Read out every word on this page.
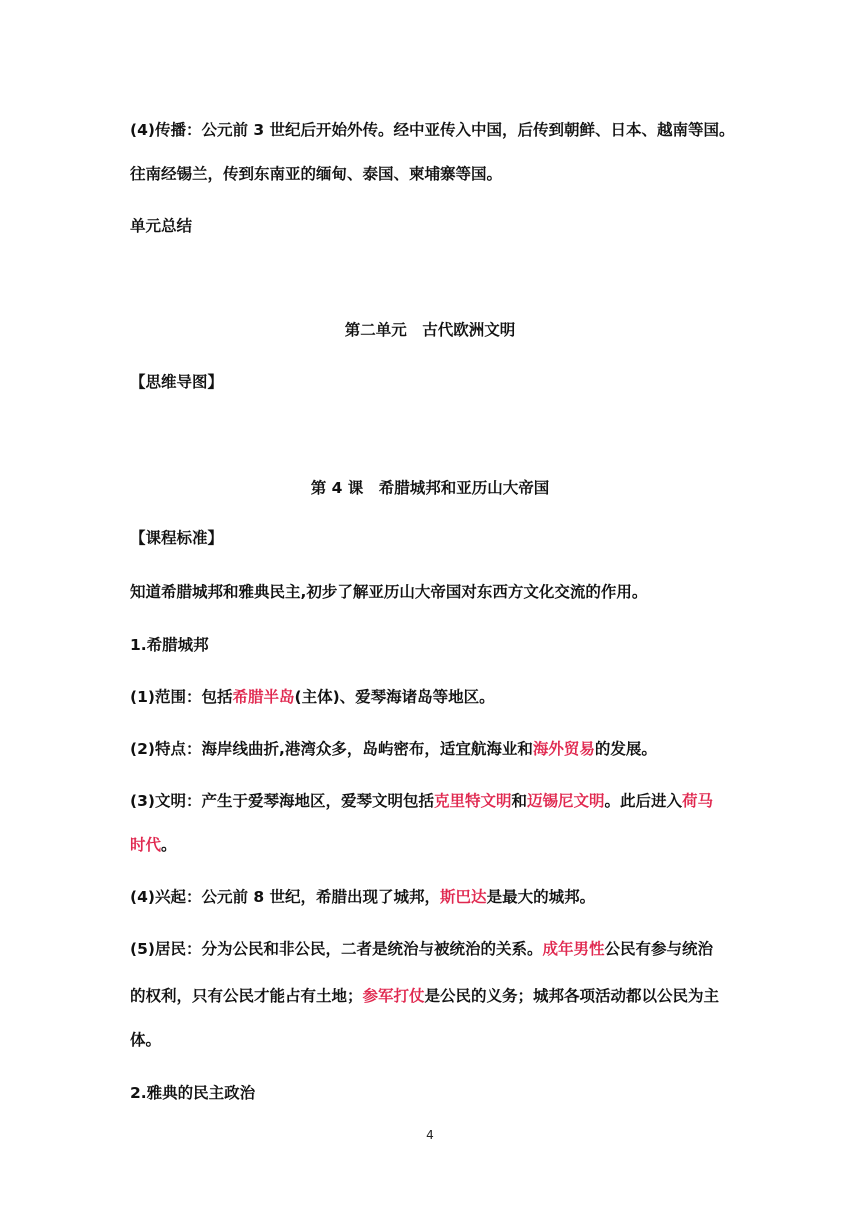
(4)传播：公元前 3 世纪后开始外传。经中亚传入中国，后传到朝鲜、日本、越南等国。
往南经锡兰，传到东南亚的缅甸、泰国、柬埔寨等国。
单元总结
第二单元　古代欧洲文明
【思维导图】
第 4 课　希腊城邦和亚历山大帝国
【课程标准】
知道希腊城邦和雅典民主,初步了解亚历山大帝国对东西方文化交流的作用。
1.希腊城邦
(1)范围：包括希腊半岛(主体)、爱琴海诸岛等地区。
(2)特点：海岸线曲折,港湾众多，岛屿密布，适宜航海业和海外贸易的发展。
(3)文明：产生于爱琴海地区，爱琴文明包括克里特文明和迈锡尼文明。此后进入荷马
时代。
(4)兴起：公元前 8 世纪，希腊出现了城邦，斯巴达是最大的城邦。
(5)居民：分为公民和非公民，二者是统治与被统治的关系。成年男性公民有参与统治
的权利，只有公民才能占有土地；参军打仗是公民的义务；城邦各项活动都以公民为主
体。
2.雅典的民主政治
4
